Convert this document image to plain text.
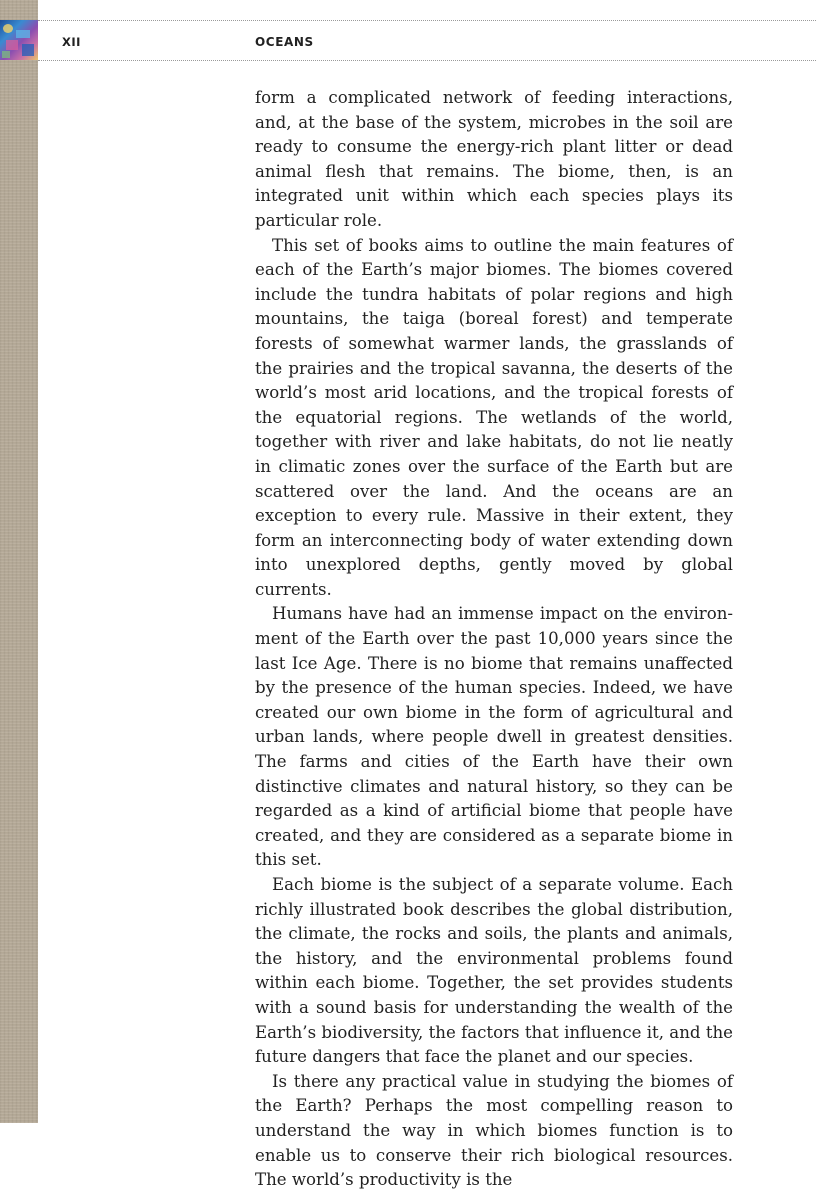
XII	OCEANS

form a complicated network of feeding interactions, and, at the base of the system, microbes in the soil are ready to consume the energy-rich plant litter or dead animal flesh that remains. The biome, then, is an integrated unit within which each species plays its particular role.

This set of books aims to outline the main features of each of the Earth’s major biomes. The biomes covered include the tundra habitats of polar regions and high mountains, the taiga (boreal forest) and temperate forests of somewhat warmer lands, the grasslands of the prairies and the tropical savanna, the deserts of the world’s most arid locations, and the tropical forests of the equatorial regions. The wetlands of the world, together with river and lake habitats, do not lie neatly in climatic zones over the surface of the Earth but are scattered over the land. And the oceans are an exception to every rule. Massive in their extent, they form an interconnecting body of water extending down into unexplored depths, gently moved by global currents.

Humans have had an immense impact on the environment of the Earth over the past 10,000 years since the last Ice Age. There is no biome that remains unaffected by the presence of the human species. Indeed, we have created our own biome in the form of agricultural and urban lands, where people dwell in greatest densities. The farms and cities of the Earth have their own distinctive climates and natural history, so they can be regarded as a kind of artificial biome that people have created, and they are considered as a separate biome in this set.

Each biome is the subject of a separate volume. Each richly illustrated book describes the global distribution, the climate, the rocks and soils, the plants and animals, the history, and the environmental problems found within each biome. Together, the set provides students with a sound basis for understanding the wealth of the Earth’s biodiversity, the factors that influence it, and the future dangers that face the planet and our species.

Is there any practical value in studying the biomes of the Earth? Perhaps the most compelling reason to understand the way in which biomes function is to enable us to conserve their rich biological resources. The world’s productivity is the
